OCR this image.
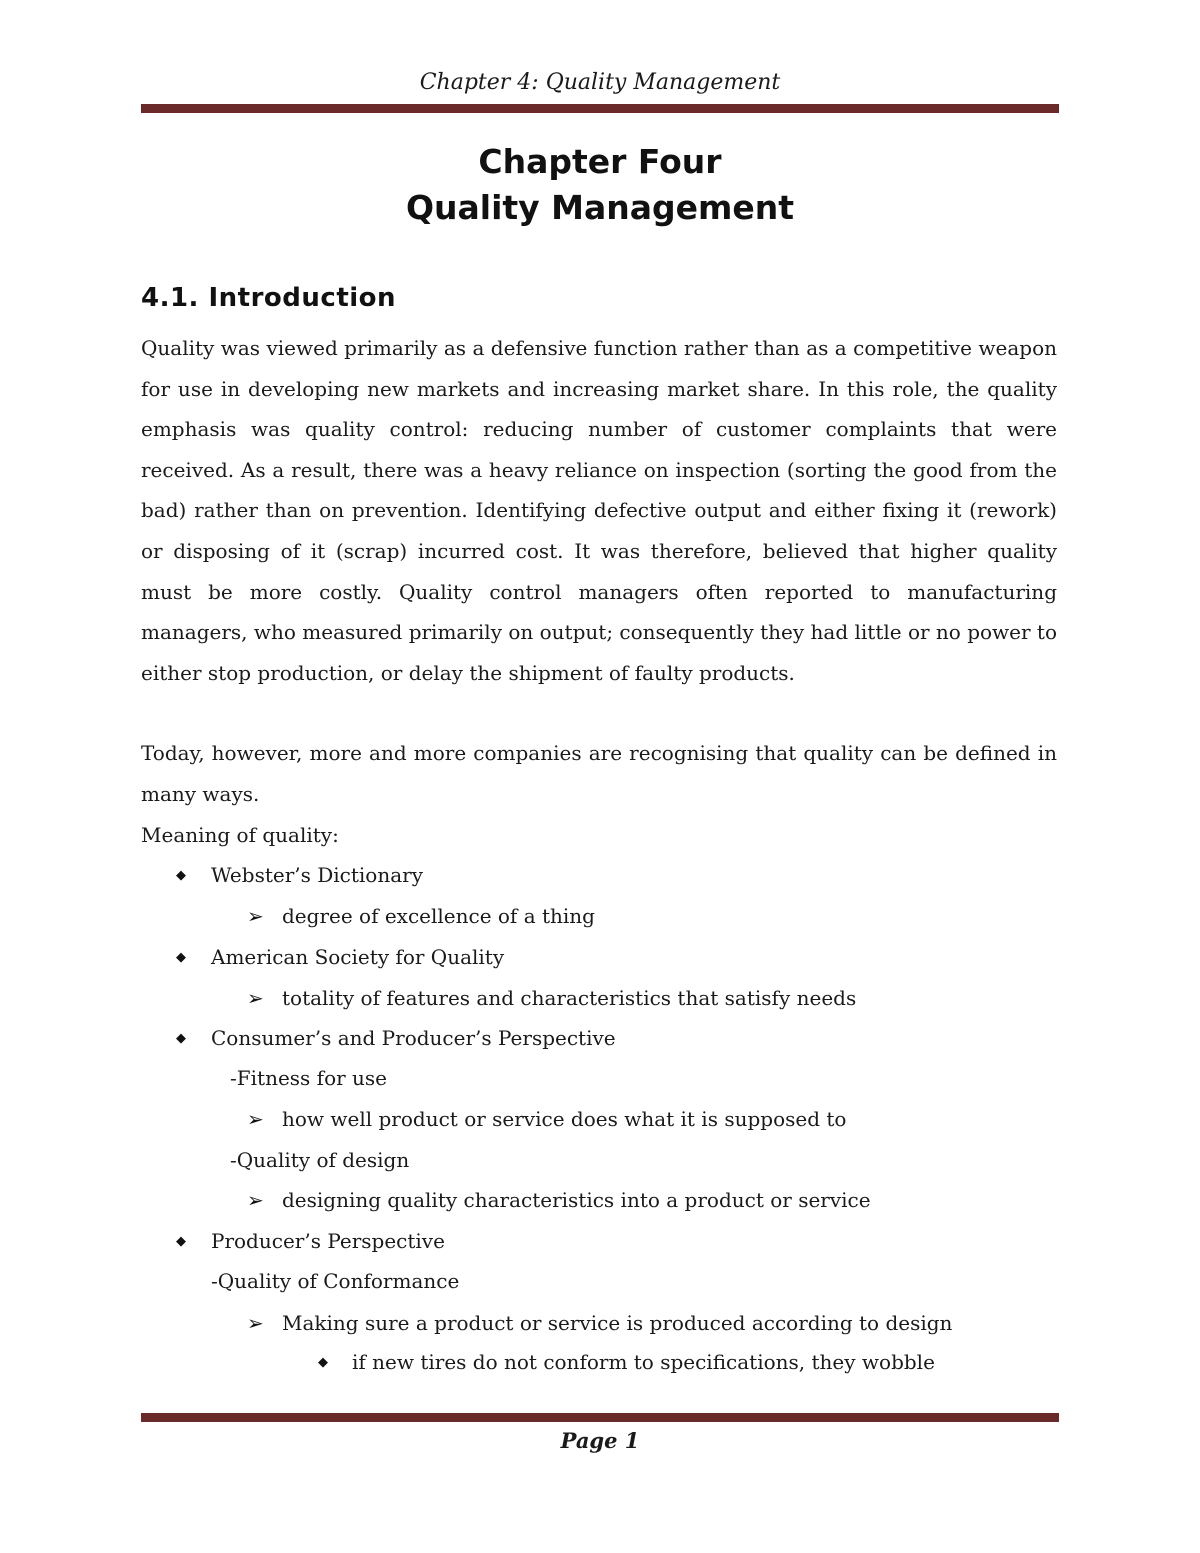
Chapter 4: Quality Management
Chapter Four
Quality Management
4.1. Introduction
Quality was viewed primarily as a defensive function rather than as a competitive weapon for use in developing new markets and increasing market share. In this role, the quality emphasis was quality control: reducing number of customer complaints that were received. As a result, there was a heavy reliance on inspection (sorting the good from the bad) rather than on prevention. Identifying defective output and either fixing it (rework) or disposing of it (scrap) incurred cost. It was therefore, believed that higher quality must be more costly. Quality control managers often reported to manufacturing managers, who measured primarily on output; consequently they had little or no power to either stop production, or delay the shipment of faulty products.
Today, however, more and more companies are recognising that quality can be defined in many ways.
Meaning of quality:
◆ Webster’s Dictionary
➢ degree of excellence of a thing
◆ American Society for Quality
➢ totality of features and characteristics that satisfy needs
◆ Consumer’s and Producer’s Perspective
-Fitness for use
➢ how well product or service does what it is supposed to
-Quality of design
➢ designing quality characteristics into a product or service
◆ Producer’s Perspective
-Quality of Conformance
➢ Making sure a product or service is produced according to design
◆ if new tires do not conform to specifications, they wobble
Page 1
